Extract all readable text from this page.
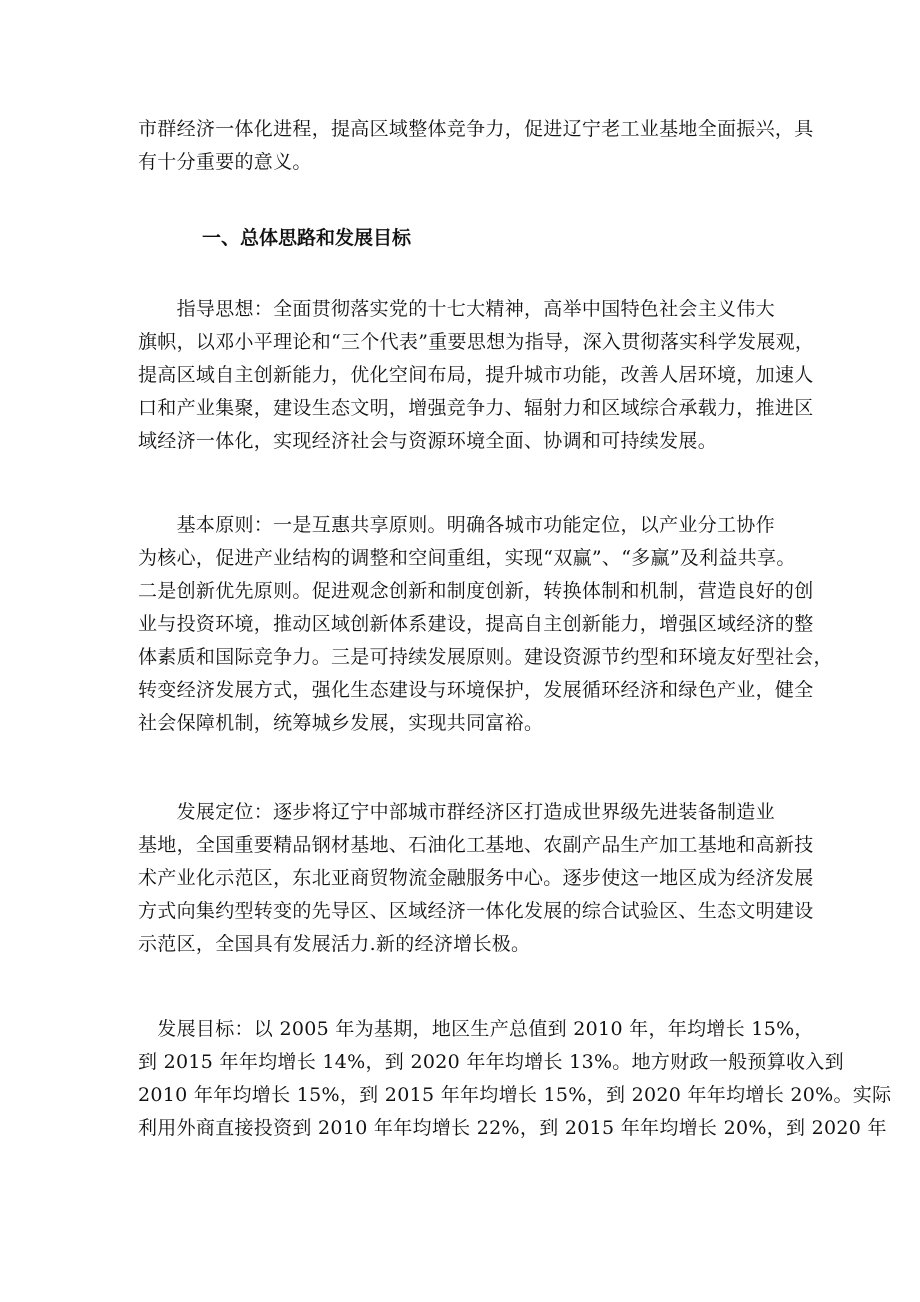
市群经济一体化进程，提高区域整体竞争力，促进辽宁老工业基地全面振兴，具
有十分重要的意义。
一、总体思路和发展目标
　　指导思想：全面贯彻落实党的十七大精神，高举中国特色社会主义伟大
旗帜，以邓小平理论和“三个代表”重要思想为指导，深入贯彻落实科学发展观，
提高区域自主创新能力，优化空间布局，提升城市功能，改善人居环境，加速人
口和产业集聚，建设生态文明，增强竞争力、辐射力和区域综合承载力，推进区
域经济一体化，实现经济社会与资源环境全面、协调和可持续发展。
　　基本原则：一是互惠共享原则。明确各城市功能定位，以产业分工协作
为核心，促进产业结构的调整和空间重组，实现“双赢”、“多赢”及利益共享。
二是创新优先原则。促进观念创新和制度创新，转换体制和机制，营造良好的创
业与投资环境，推动区域创新体系建设，提高自主创新能力，增强区域经济的整
体素质和国际竞争力。三是可持续发展原则。建设资源节约型和环境友好型社会，
转变经济发展方式，强化生态建设与环境保护，发展循环经济和绿色产业，健全
社会保障机制，统筹城乡发展，实现共同富裕。
　　发展定位：逐步将辽宁中部城市群经济区打造成世界级先进装备制造业
基地，全国重要精品钢材基地、石油化工基地、农副产品生产加工基地和高新技
术产业化示范区，东北亚商贸物流金融服务中心。逐步使这一地区成为经济发展
方式向集约型转变的先导区、区域经济一体化发展的综合试验区、生态文明建设
示范区，全国具有发展活力.新的经济增长极。
　发展目标：以 2005 年为基期，地区生产总值到 2010 年，年均增长 15%，
到 2015 年年均增长 14%，到 2020 年年均增长 13%。地方财政一般预算收入到
2010 年年均增长 15%，到 2015 年年均增长 15%，到 2020 年年均增长 20%。实际
利用外商直接投资到 2010 年年均增长 22%，到 2015 年年均增长 20%，到 2020 年
